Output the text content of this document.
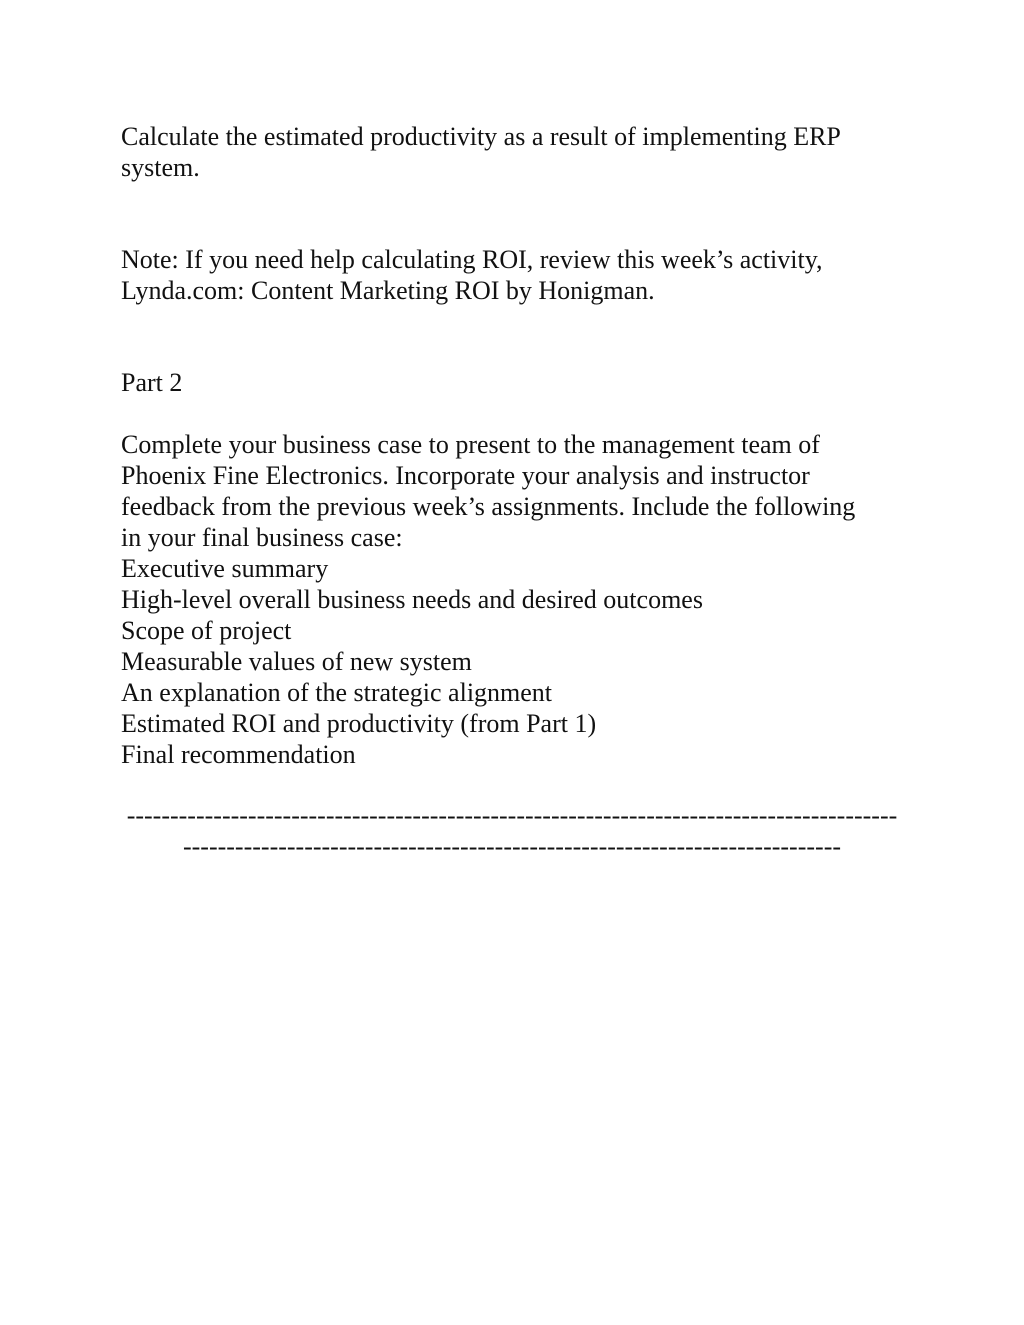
Calculate the estimated productivity as a result of implementing ERP
system.
Note: If you need help calculating ROI, review this week’s activity,
Lynda.com: Content Marketing ROI by Honigman.
Part 2
Complete your business case to present to the management team of
Phoenix Fine Electronics. Incorporate your analysis and instructor
feedback from the previous week’s assignments. Include the following
in your final business case:
Executive summary
High-level overall business needs and desired outcomes
Scope of project
Measurable values of new system
An explanation of the strategic alignment
Estimated ROI and productivity (from Part 1)
Final recommendation
-----------------------------------------------------------------------------------------
----------------------------------------------------------------------------
